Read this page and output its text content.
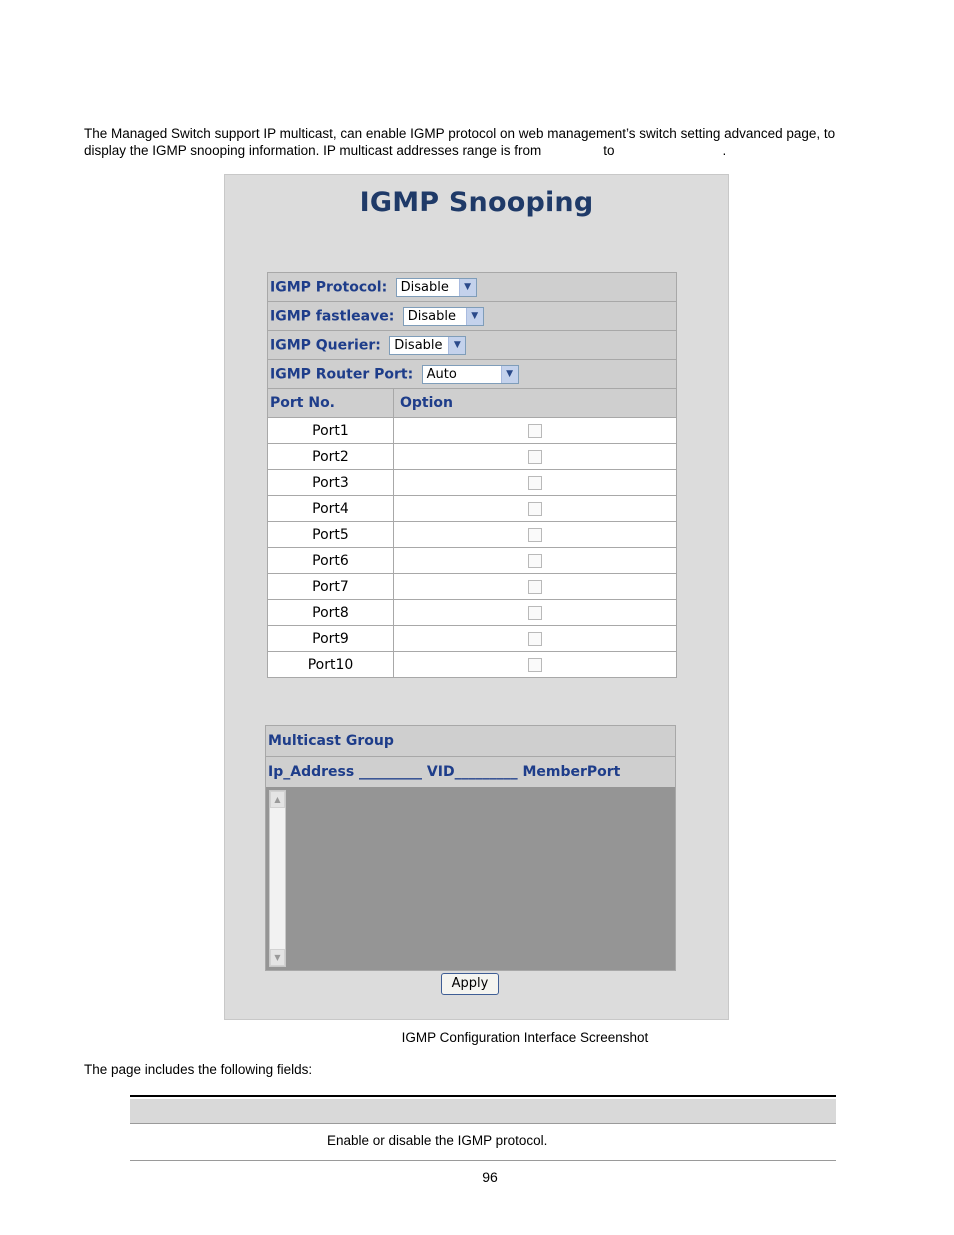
The Managed Switch support IP multicast, can enable IGMP protocol on web management’s switch setting advanced page, to
display the IGMP snooping information. IP multicast addresses range is from	to	.
IGMP Snooping
IGMP Protocol: Disable ▼	

IGMP fastleave: Disable ▼	

IGMP Querier: Disable ▼	

IGMP Router Port: Auto ▼	

Port No.	Option
Port1	
Port2	
Port3	
Port4	
Port5	
Port6	
Port7	
Port8	
Port9	
Port10	
Multicast Group
Ip_Address _________ VID_________ MemberPort
▲
▼
Apply
IGMP Configuration Interface Screenshot
The page includes the following fields:
Enable or disable the IGMP protocol.
96
